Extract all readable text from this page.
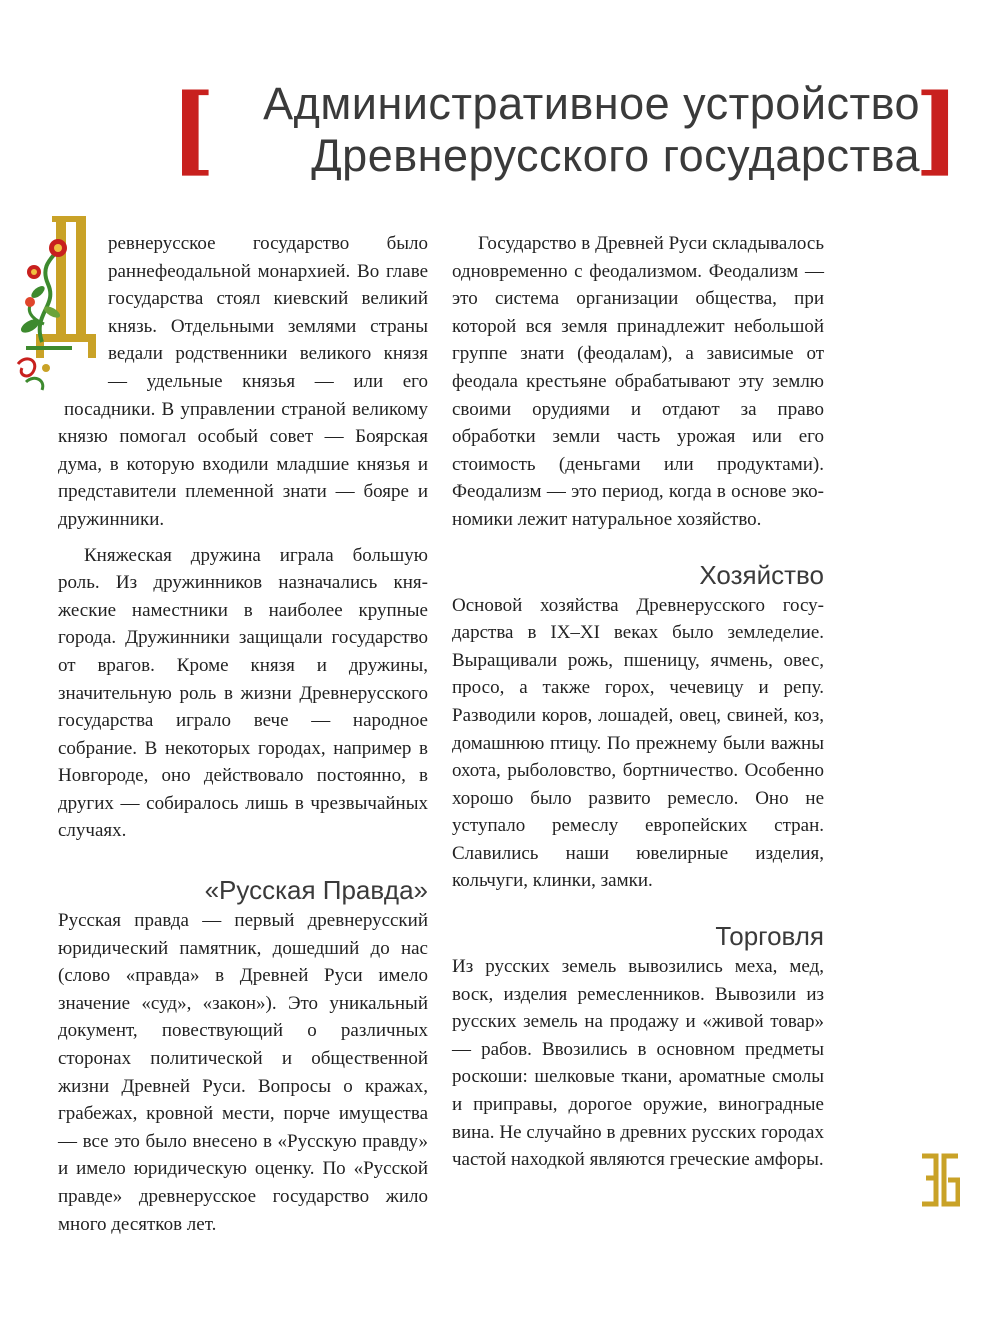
[ Административное устройство
Древнерусского государства
]

ревнерусское государство было раннефеодальной монархией. Во главе государства стоял киевский великий князь. Отдельными землями страны ведали родственники великого князя — удельные князья — или его посадники. В управлении страной великому князю помогал особый совет — Боярская дума, в которую входили младшие князья и представители племенной знати — бояре и дружинники.

Княжеская дружина играла большую роль. Из дружинников назначались княжеские наместники в наиболее крупные города. Дружинники защищали государство от врагов. Кроме князя и дружины, значительную роль в жизни Древнерусского государства играло вече — народное собрание. В некоторых городах, например в Новгороде, оно действовало постоянно, в других — собиралось лишь в чрезвычайных случаях.

«Русская Правда»

Русская правда — первый древнерусский юридический памятник, дошедший до нас (слово «правда» в Древней Руси имело значение «суд», «закон»). Это уникальный документ, повествующий о различных сторонах политической и общественной жизни Древней Руси. Вопросы о кражах, грабежах, кровной мести, порче имущества — все это было внесено в «Русскую правду» и имело юридическую оценку. По «Русской правде» древнерусское государство жило много десятков лет.

Государство в Древней Руси складывалось одновременно с феодализмом. Феодализм — это система организации общества, при которой вся земля принадлежит небольшой группе знати (феодалам), а зависимые от феодала крестьяне обрабатывают эту землю своими орудиями и отдают за право обработки земли часть урожая или его стоимость (деньгами или продуктами). Феодализм — это период, когда в основе экономики лежит натуральное хозяйство.

Хозяйство

Основой хозяйства Древнерусского государства в IX–XI веках было земледелие. Выращивали рожь, пшеницу, ячмень, овес, просо, а также горох, чечевицу и репу. Разводили коров, лошадей, овец, свиней, коз, домашнюю птицу. По прежнему были важны охота, рыболовство, бортничество. Особенно хорошо было развито ремесло. Оно не уступало ремеслу европейских стран. Славились наши ювелирные изделия, кольчуги, клинки, замки.

Торговля

Из русских земель вывозились меха, мед, воск, изделия ремесленников. Вывозили из русских земель на продажу и «живой товар» — рабов. Ввозились в основном предметы роскоши: шелковые ткани, ароматные смолы и приправы, дорогое оружие, виноградные вина. Не случайно в древних русских городах частой находкой являются греческие амфоры.
